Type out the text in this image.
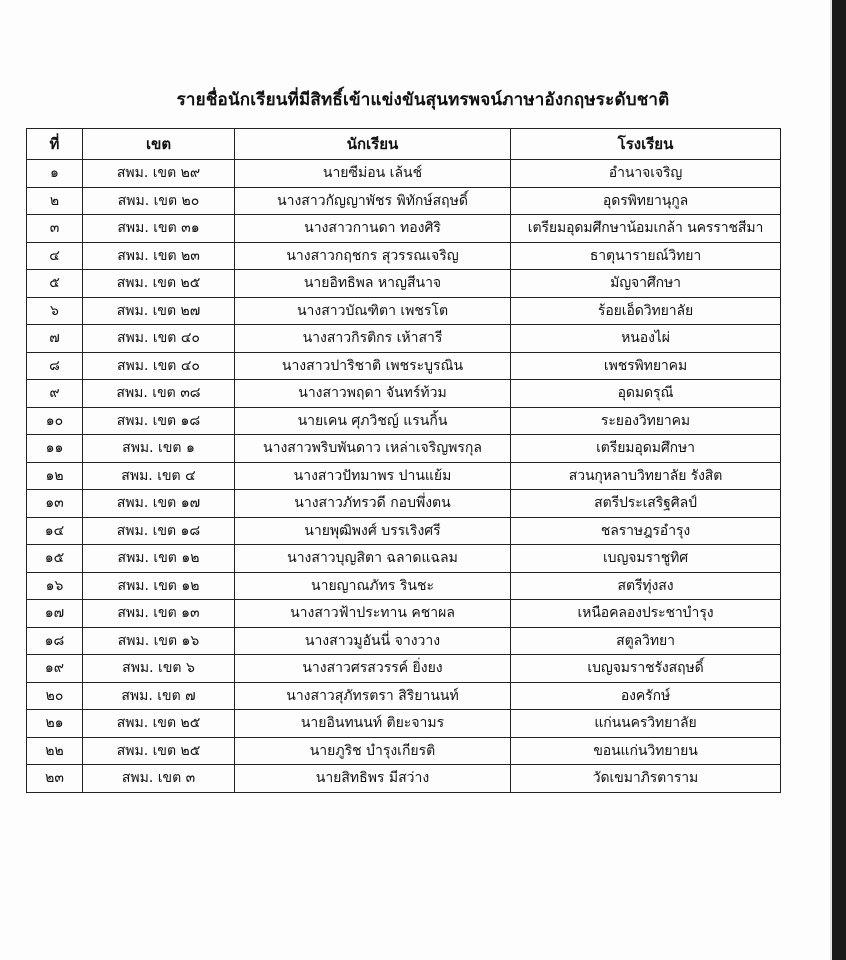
รายชื่อนักเรียนที่มีสิทธิ์เข้าแข่งขันสุนทรพจน์ภาษาอังกฤษระดับชาติ
ที่	เขต	นักเรียน	โรงเรียน
๑	สพม. เขต ๒๙	นายซีม่อน เล้นช์	อำนาจเจริญ
๒	สพม. เขต ๒๐	นางสาวกัญญาพัชร พิทักษ์สฤษดิ์	อุดรพิทยานุกูล
๓	สพม. เขต ๓๑	นางสาวกานดา ทองศิริ	เตรียมอุดมศึกษาน้อมเกล้า นครราชสีมา
๔	สพม. เขต ๒๓	นางสาวกฤชกร สุวรรณเจริญ	ธาตุนารายณ์วิทยา
๕	สพม. เขต ๒๕	นายอิทธิพล หาญสีนาจ	มัญจาศึกษา
๖	สพม. เขต ๒๗	นางสาวบัณฑิตา เพชรโต	ร้อยเอ็ดวิทยาลัย
๗	สพม. เขต ๔๐	นางสาวกิรติกร เห้าสารี	หนองไผ่
๘	สพม. เขต ๔๐	นางสาวปาริชาติ เพชระบูรณิน	เพชรพิทยาคม
๙	สพม. เขต ๓๘	นางสาวพฤดา จันทร์ท้วม	อุดมดรุณี
๑๐	สพม. เขต ๑๘	นายเคน ศุภวิชญ์ แรนกิ้น	ระยองวิทยาคม
๑๑	สพม. เขต ๑	นางสาวพริบพันดาว เหล่าเจริญพรกุล	เตรียมอุดมศึกษา
๑๒	สพม. เขต ๔	นางสาวปัทมาพร ปานแย้ม	สวนกุหลาบวิทยาลัย รังสิต
๑๓	สพม. เขต ๑๗	นางสาวภัทรวดี กอบพึ่งตน	สตรีประเสริฐศิลป์
๑๔	สพม. เขต ๑๘	นายพุฒิพงศ์ บรรเริงศรี	ชลราษฎรอำรุง
๑๕	สพม. เขต ๑๒	นางสาวบุญสิตา ฉลาดแฉลม	เบญจมราชูทิศ
๑๖	สพม. เขต ๑๒	นายญาณภัทร รินชะ	สตรีทุ่งสง
๑๗	สพม. เขต ๑๓	นางสาวฟ้าประทาน คชาผล	เหนือคลองประชาบำรุง
๑๘	สพม. เขต ๑๖	นางสาวมูอันนี่ จางวาง	สตูลวิทยา
๑๙	สพม. เขต ๖	นางสาวศรสวรรค์ ยิ่งยง	เบญจมราชรังสฤษดิ์
๒๐	สพม. เขต ๗	นางสาวสุภัทรตรา สิริยานนท์	องครักษ์
๒๑	สพม. เขต ๒๕	นายอินทนนท์ ติยะจามร	แก่นนครวิทยาลัย
๒๒	สพม. เขต ๒๕	นายภูริช บำรุงเกียรติ	ขอนแก่นวิทยายน
๒๓	สพม. เขต ๓	นายสิทธิพร มีสว่าง	วัดเขมาภิรตาราม
